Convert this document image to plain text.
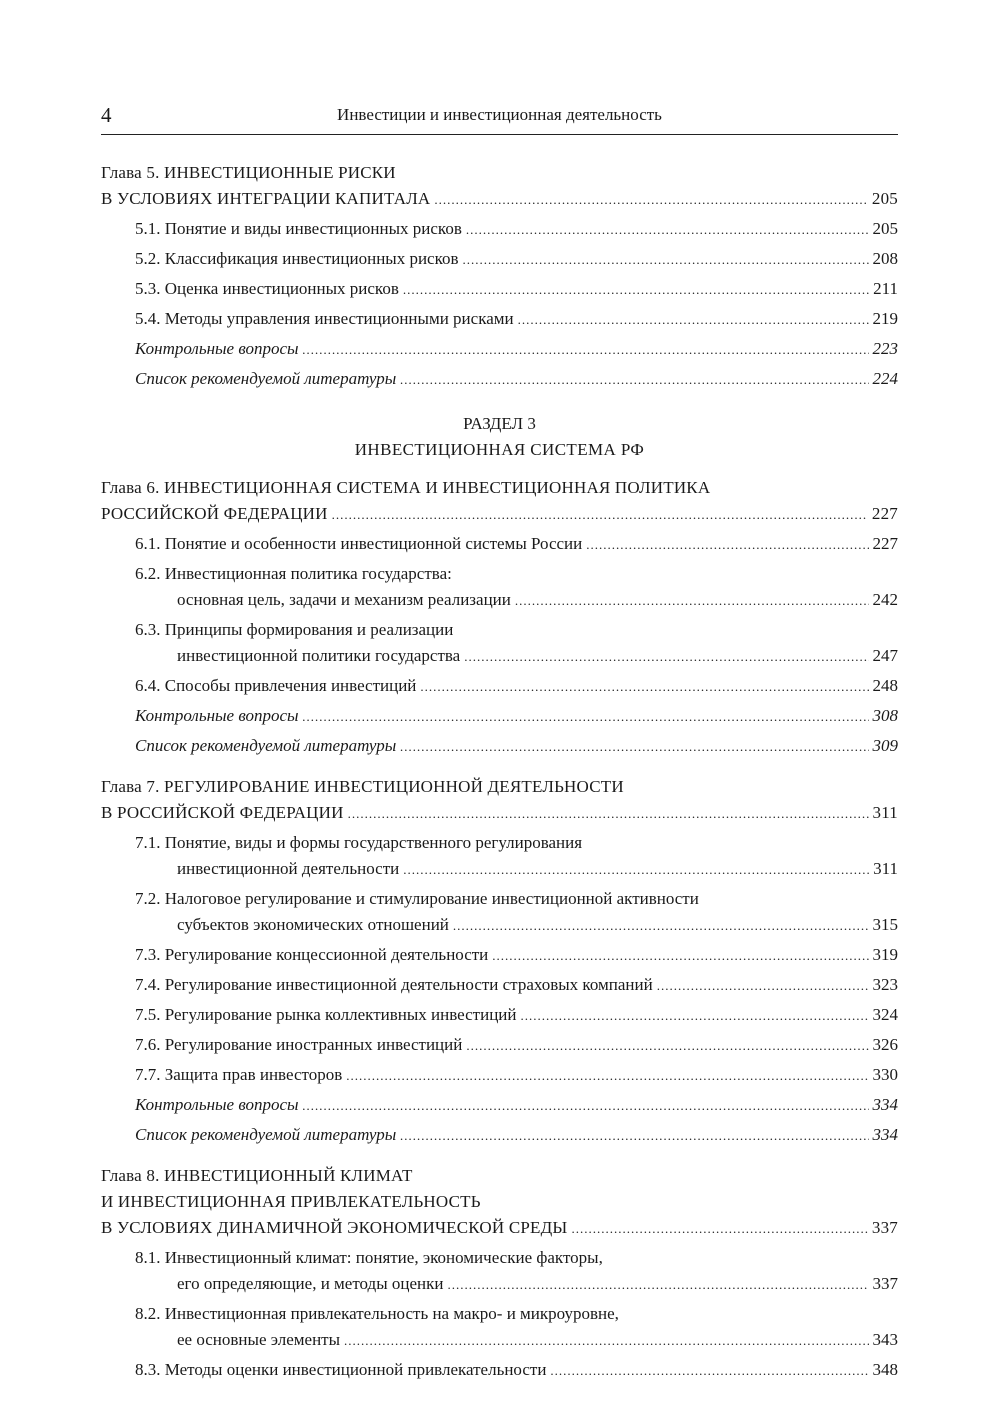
4	Инвестиции и инвестиционная деятельность
Глава 5. ИНВЕСТИЦИОННЫЕ РИСКИ
В УСЛОВИЯХ ИНТЕГРАЦИИ КАПИТАЛА .....	205
5.1. Понятие и виды инвестиционных рисков .....	205
5.2. Классификация инвестиционных рисков .....	208
5.3. Оценка инвестиционных рисков .....	211
5.4. Методы управления инвестиционными рисками .....	219
Контрольные вопросы .....	223
Список рекомендуемой литературы .....	224
РАЗДЕЛ 3
ИНВЕСТИЦИОННАЯ СИСТЕМА РФ
Глава 6. ИНВЕСТИЦИОННАЯ СИСТЕМА И ИНВЕСТИЦИОННАЯ ПОЛИТИКА
РОССИЙСКОЙ ФЕДЕРАЦИИ .....	227
6.1. Понятие и особенности инвестиционной системы России .....	227
6.2. Инвестиционная политика государства:
основная цель, задачи и механизм реализации .....	242
6.3. Принципы формирования и реализации
инвестиционной политики государства .....	247
6.4. Способы привлечения инвестиций .....	248
Контрольные вопросы .....	308
Список рекомендуемой литературы .....	309
Глава 7. РЕГУЛИРОВАНИЕ ИНВЕСТИЦИОННОЙ ДЕЯТЕЛЬНОСТИ
В РОССИЙСКОЙ ФЕДЕРАЦИИ .....	311
7.1. Понятие, виды и формы государственного регулирования
инвестиционной деятельности .....	311
7.2. Налоговое регулирование и стимулирование инвестиционной активности
субъектов экономических отношений .....	315
7.3. Регулирование концессионной деятельности .....	319
7.4. Регулирование инвестиционной деятельности страховых компаний .....	323
7.5. Регулирование рынка коллективных инвестиций .....	324
7.6. Регулирование иностранных инвестиций .....	326
7.7. Защита прав инвесторов .....	330
Контрольные вопросы .....	334
Список рекомендуемой литературы .....	334
Глава 8. ИНВЕСТИЦИОННЫЙ КЛИМАТ
И ИНВЕСТИЦИОННАЯ ПРИВЛЕКАТЕЛЬНОСТЬ
В УСЛОВИЯХ ДИНАМИЧНОЙ ЭКОНОМИЧЕСКОЙ СРЕДЫ .....	337
8.1. Инвестиционный климат: понятие, экономические факторы,
его определяющие, и методы оценки .....	337
8.2. Инвестиционная привлекательность на макро- и микроуровне,
ее основные элементы .....	343
8.3. Методы оценки инвестиционной привлекательности .....	348
